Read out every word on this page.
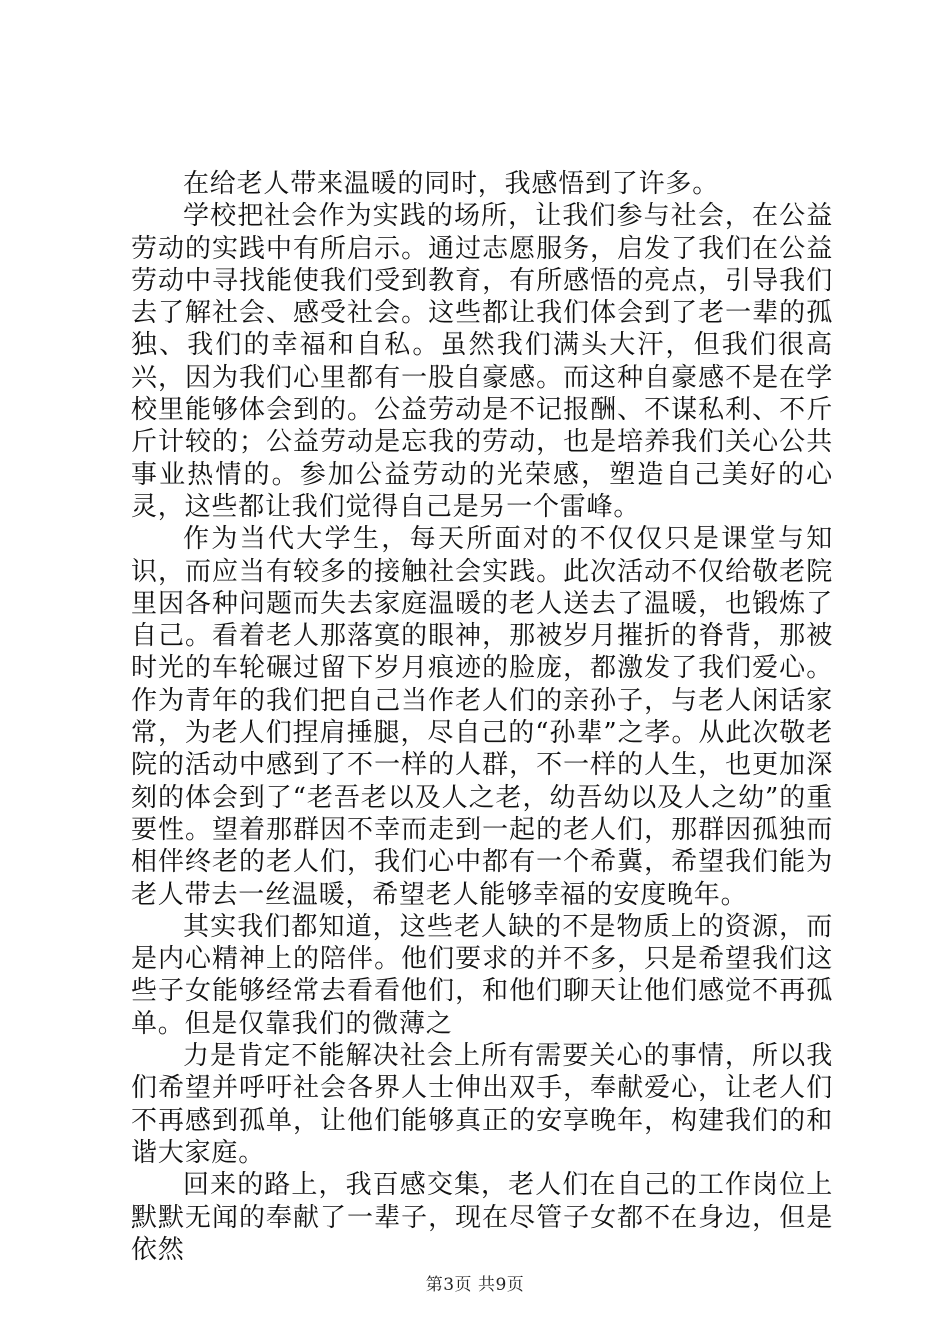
在给老人带来温暖的同时，我感悟到了许多。

学校把社会作为实践的场所，让我们参与社会，在公益劳动的实践中有所启示。通过志愿服务，启发了我们在公益劳动中寻找能使我们受到教育，有所感悟的亮点，引导我们去了解社会、感受社会。这些都让我们体会到了老一辈的孤独、我们的幸福和自私。虽然我们满头大汗，但我们很高兴，因为我们心里都有一股自豪感。而这种自豪感不是在学校里能够体会到的。公益劳动是不记报酬、不谋私利、不斤斤计较的；公益劳动是忘我的劳动，也是培养我们关心公共事业热情的。参加公益劳动的光荣感，塑造自己美好的心灵，这些都让我们觉得自己是另一个雷峰。

作为当代大学生，每天所面对的不仅仅只是课堂与知识，而应当有较多的接触社会实践。此次活动不仅给敬老院里因各种问题而失去家庭温暖的老人送去了温暖，也锻炼了自己。看着老人那落寞的眼神，那被岁月摧折的脊背，那被时光的车轮碾过留下岁月痕迹的脸庞，都激发了我们爱心。作为青年的我们把自己当作老人们的亲孙子，与老人闲话家常，为老人们捏肩捶腿，尽自己的“孙辈”之孝。从此次敬老院的活动中感到了不一样的人群，不一样的人生，也更加深刻的体会到了“老吾老以及人之老，幼吾幼以及人之幼”的重要性。望着那群因不幸而走到一起的老人们，那群因孤独而相伴终老的老人们，我们心中都有一个希冀，希望我们能为老人带去一丝温暖，希望老人能够幸福的安度晚年。

其实我们都知道，这些老人缺的不是物质上的资源，而是内心精神上的陪伴。他们要求的并不多，只是希望我们这些子女能够经常去看看他们，和他们聊天让他们感觉不再孤单。但是仅靠我们的微薄之

力是肯定不能解决社会上所有需要关心的事情，所以我们希望并呼吁社会各界人士伸出双手，奉献爱心，让老人们不再感到孤单，让他们能够真正的安享晚年，构建我们的和谐大家庭。

回来的路上，我百感交集，老人们在自己的工作岗位上默默无闻的奉献了一辈子，现在尽管子女都不在身边，但是依然

第3页 共9页
